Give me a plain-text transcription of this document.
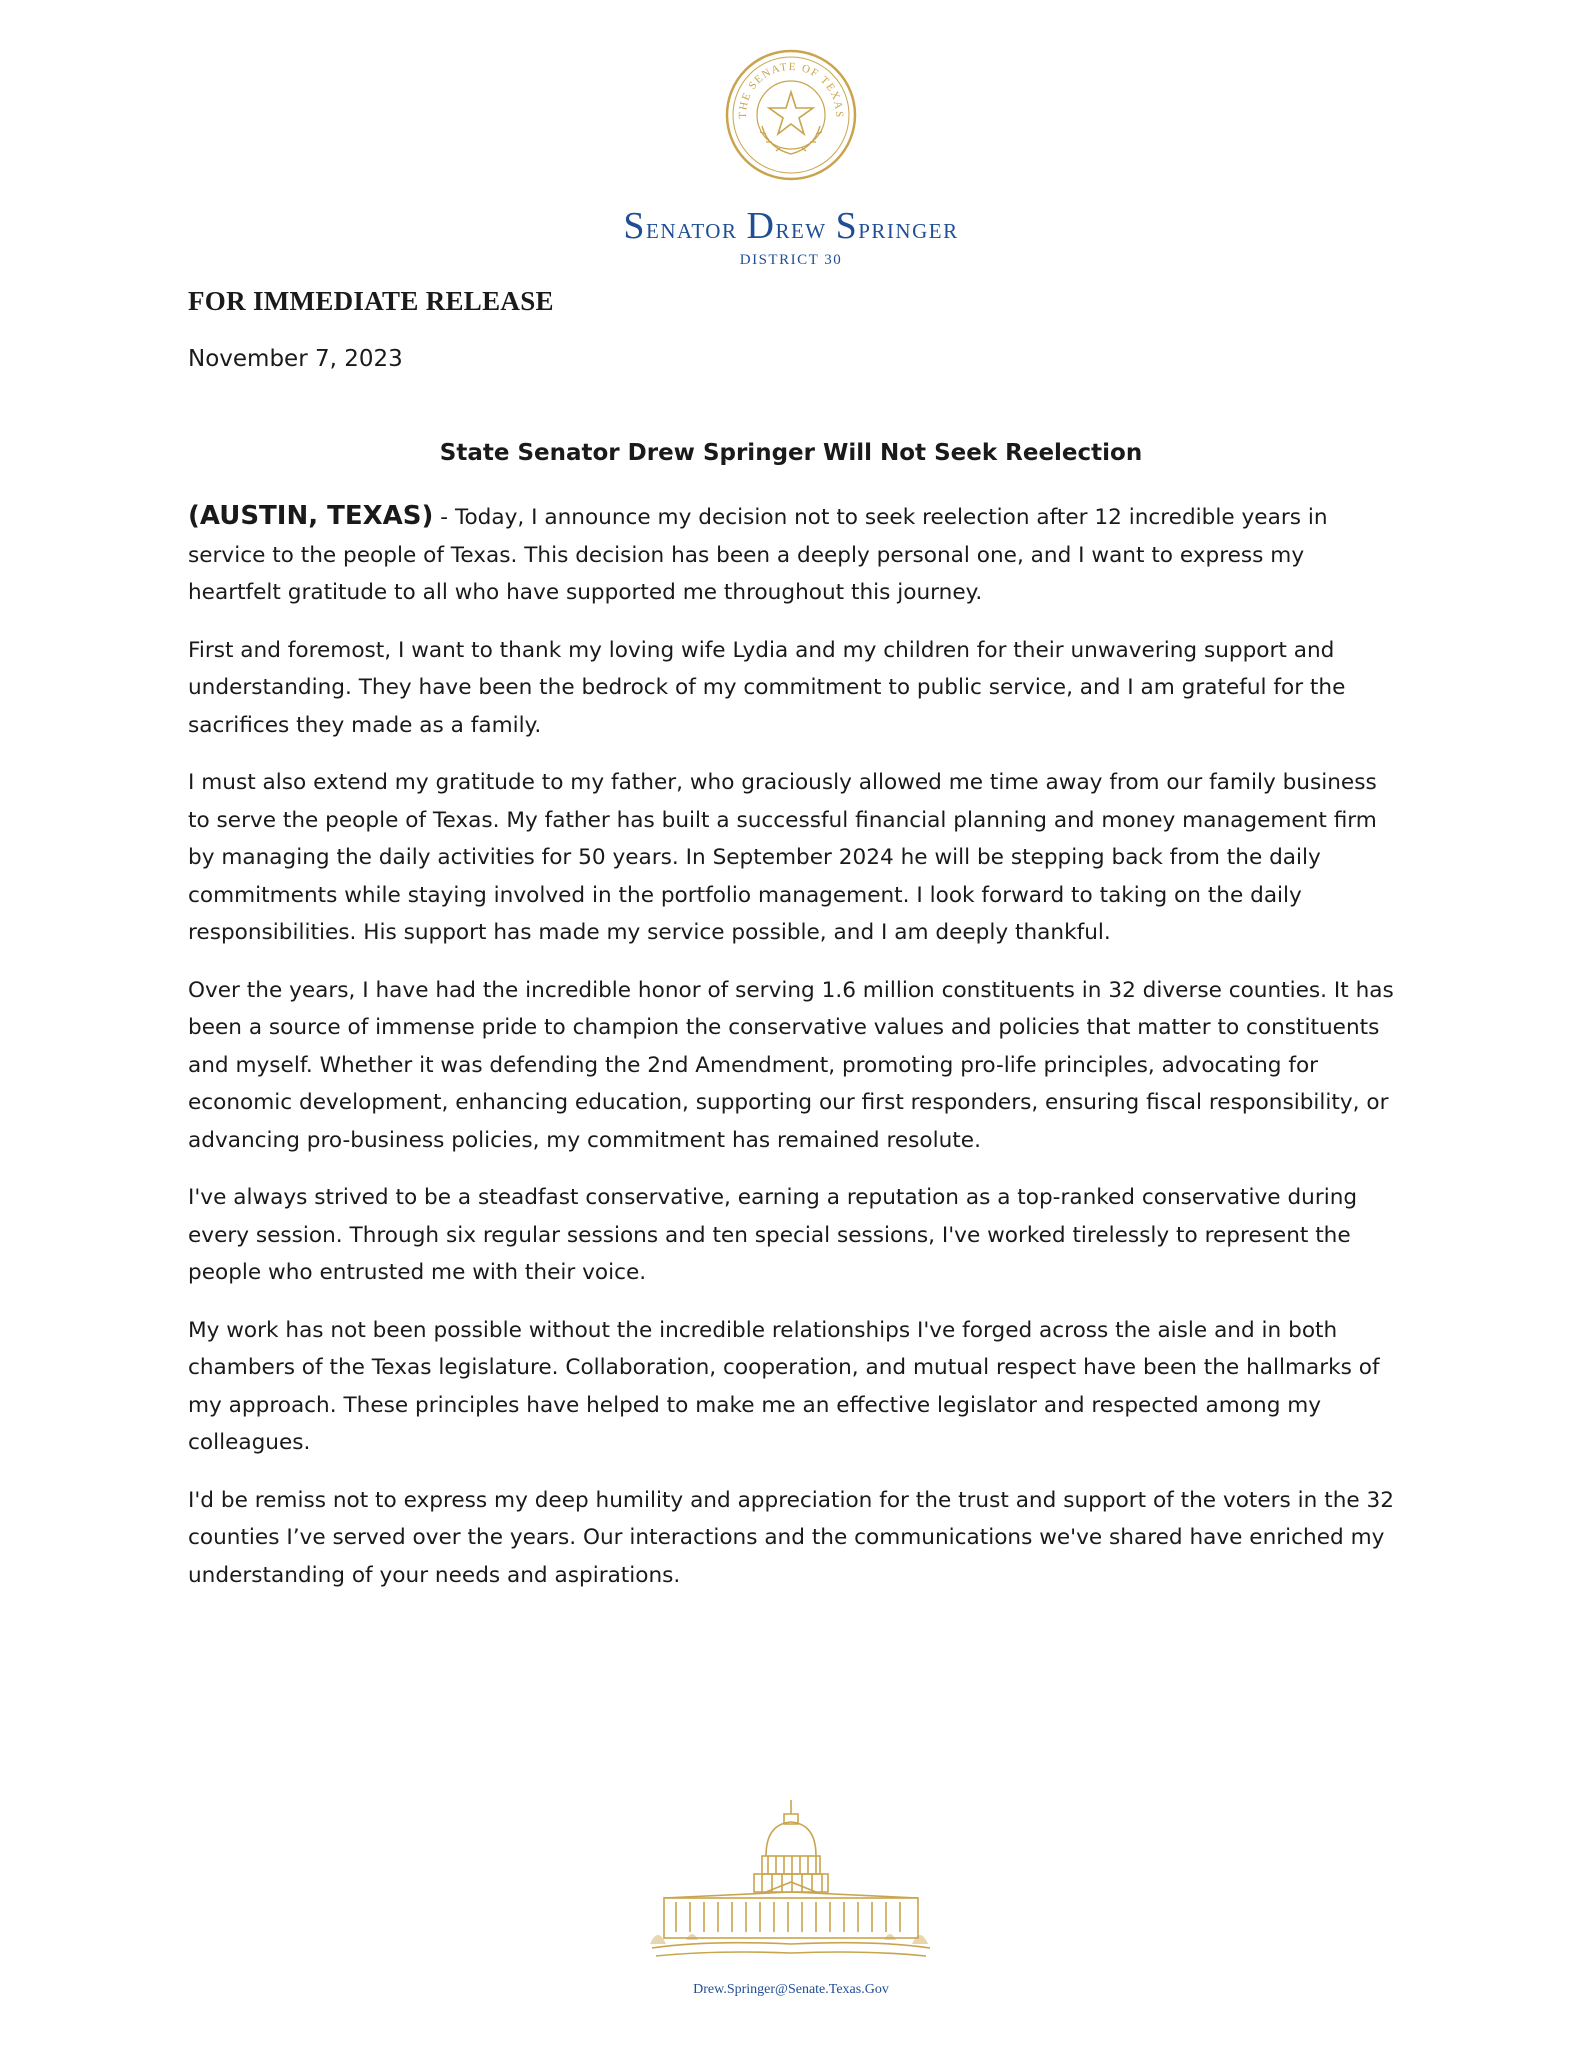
THE SENATE OF TEXAS
Senator Drew Springer
DISTRICT 30
FOR IMMEDIATE RELEASE
November 7, 2023
State Senator Drew Springer Will Not Seek Reelection

(AUSTIN, TEXAS) - Today, I announce my decision not to seek reelection after 12 incredible years in service to the people of Texas. This decision has been a deeply personal one, and I want to express my heartfelt gratitude to all who have supported me throughout this journey.

First and foremost, I want to thank my loving wife Lydia and my children for their unwavering support and understanding. They have been the bedrock of my commitment to public service, and I am grateful for the sacrifices they made as a family.

I must also extend my gratitude to my father, who graciously allowed me time away from our family business to serve the people of Texas. My father has built a successful financial planning and money management firm by managing the daily activities for 50 years. In September 2024 he will be stepping back from the daily commitments while staying involved in the portfolio management. I look forward to taking on the daily responsibilities. His support has made my service possible, and I am deeply thankful.

Over the years, I have had the incredible honor of serving 1.6 million constituents in 32 diverse counties. It has been a source of immense pride to champion the conservative values and policies that matter to constituents and myself. Whether it was defending the 2nd Amendment, promoting pro-life principles, advocating for economic development, enhancing education, supporting our first responders, ensuring fiscal responsibility, or advancing pro-business policies, my commitment has remained resolute.

I've always strived to be a steadfast conservative, earning a reputation as a top-ranked conservative during every session. Through six regular sessions and ten special sessions, I've worked tirelessly to represent the people who entrusted me with their voice.

My work has not been possible without the incredible relationships I've forged across the aisle and in both chambers of the Texas legislature. Collaboration, cooperation, and mutual respect have been the hallmarks of my approach. These principles have helped to make me an effective legislator and respected among my colleagues.

I'd be remiss not to express my deep humility and appreciation for the trust and support of the voters in the 32 counties I’ve served over the years. Our interactions and the communications we've shared have enriched my understanding of your needs and aspirations.

Drew.Springer@Senate.Texas.Gov
